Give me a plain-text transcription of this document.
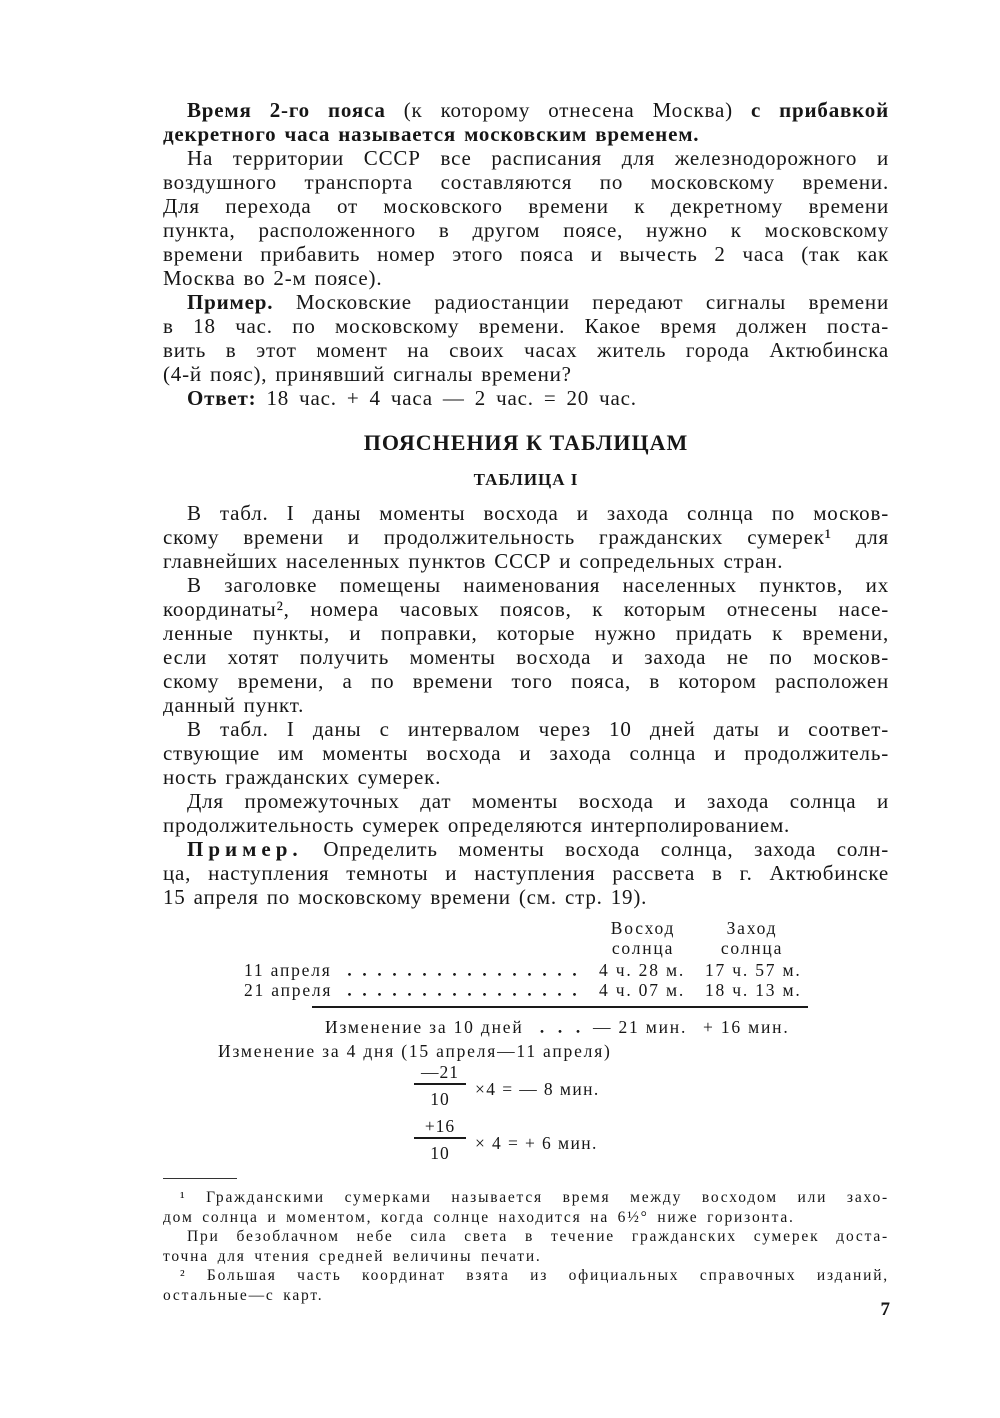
Время 2-го пояса (к которому отнесена Москва) с прибавкой
декретного часа называется московским временем.
На территории СССР все расписания для железнодорожного и
воздушного транспорта составляются по московскому времени.
Для перехода от московского времени к декретному времени
пункта, расположенного в другом поясе, нужно к московскому
времени прибавить номер этого пояса и вычесть 2 часа (так как
Москва во 2-м поясе).
Пример. Московские радиостанции передают сигналы времени
в 18 час. по московскому времени. Какое время должен поста-
вить в этот момент на своих часах житель города Актюбинска
(4-й пояс), принявший сигналы времени?
Ответ: 18 час. + 4 часа — 2 час. = 20 час.
ПОЯСНЕНИЯ К ТАБЛИЦАМ
ТАБЛИЦА I
В табл. I даны моменты восхода и захода солнца по москов-
скому времени и продолжительность гражданских сумерек¹ для
главнейших населенных пунктов СССР и сопредельных стран.
В заголовке помещены наименования населенных пунктов, их
координаты², номера часовых поясов, к которым отнесены насе-
ленные пункты, и поправки, которые нужно придать к времени,
если хотят получить моменты восхода и захода не по москов-
скому времени, а по времени того пояса, в котором расположен
данный пункт.
В табл. I даны с интервалом через 10 дней даты и соответ-
ствующие им моменты восхода и захода солнца и продолжитель-
ность гражданских сумерек.
Для промежуточных дат моменты восхода и захода солнца и
продолжительность сумерек определяются интерполированием.
Пример. Определить моменты восхода солнца, захода солн-
ца, наступления темноты и наступления рассвета в г. Актюбинске
15 апреля по московскому времени (см. стр. 19).
Восход
солнца
Заход
солнца
11 апреля	4 ч. 28 м. 17 ч. 57 м.
21 апреля	4 ч. 07 м. 18 ч. 13 м.
Изменение за 10 дней	— 21 мин. + 16 мин.
Изменение за 4 дня (15 апреля—11 апреля)
$\frac{—21}{10} \times 4$ = — 8 мин.
$\frac{+16}{10} \times 4$ = + 6 мин.
¹ Гражданскими сумерками называется время между восходом или захо-
дом солнца и моментом, когда солнце находится на 6½° ниже горизонта.
При безоблачном небе сила света в течение гражданских сумерек доста-
точна для чтения средней величины печати.
² Большая часть координат взята из официальных справочных изданий,
остальные—с карт.
7
